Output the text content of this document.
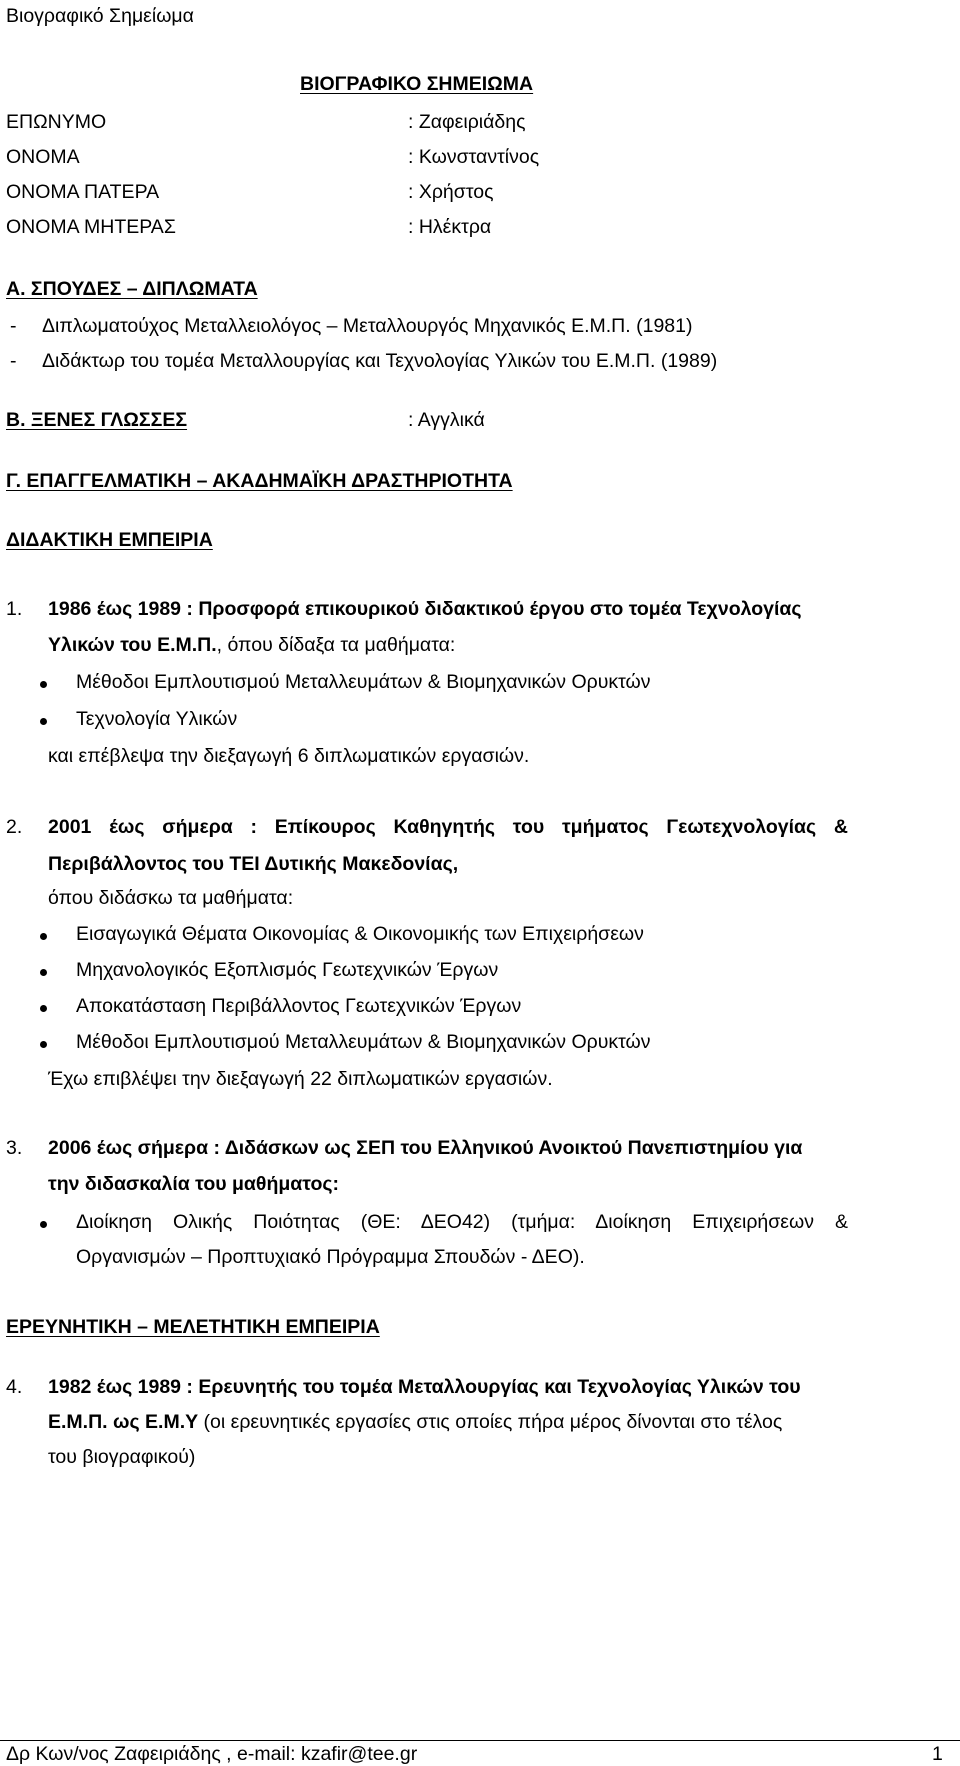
Βιογραφικό Σημείωμα
ΒΙΟΓΡΑΦΙΚΟ ΣΗΜΕΙΩΜΑ
ΕΠΩΝΥΜΟ	: Ζαφειριάδης
ΟΝΟΜΑ	: Κωνσταντίνος
ΟΝΟΜΑ ΠΑΤΕΡΑ	: Χρήστος
ΟΝΟΜΑ ΜΗΤΕΡΑΣ	: Ηλέκτρα
Α. ΣΠΟΥΔΕΣ – ΔΙΠΛΩΜΑΤΑ
- Διπλωματούχος Μεταλλειολόγος – Μεταλλουργός Μηχανικός Ε.Μ.Π. (1981)
- Διδάκτωρ του τομέα Μεταλλουργίας και Τεχνολογίας Υλικών του Ε.Μ.Π. (1989)
Β. ΞΕΝΕΣ ΓΛΩΣΣΕΣ	: Αγγλικά
Γ. ΕΠΑΓΓΕΛΜΑΤΙΚΗ – ΑΚΑΔΗΜΑΪΚΗ ΔΡΑΣΤΗΡΙΟΤΗΤΑ
ΔΙΔΑΚΤΙΚΗ ΕΜΠΕΙΡΙΑ
1. 1986 έως 1989 : Προσφορά επικουρικού διδακτικού έργου στο τομέα Τεχνολογίας
Υλικών του Ε.Μ.Π., όπου δίδαξα τα μαθήματα:
Μέθοδοι Εμπλουτισμού Μεταλλευμάτων & Βιομηχανικών Ορυκτών
Τεχνολογία Υλικών
και επέβλεψα την διεξαγωγή 6 διπλωματικών εργασιών.
2. 2001 έως σήμερα : Επίκουρος Καθηγητής του τμήματος Γεωτεχνολογίας &
Περιβάλλοντος του ΤΕΙ Δυτικής Μακεδονίας,
όπου διδάσκω τα μαθήματα:
Εισαγωγικά Θέματα Οικονομίας & Οικονομικής των Επιχειρήσεων
Μηχανολογικός Εξοπλισμός Γεωτεχνικών Έργων
Αποκατάσταση Περιβάλλοντος Γεωτεχνικών Έργων
Μέθοδοι Εμπλουτισμού Μεταλλευμάτων & Βιομηχανικών Ορυκτών
Έχω επιβλέψει την διεξαγωγή 22 διπλωματικών εργασιών.
3. 2006 έως σήμερα : Διδάσκων ως ΣΕΠ του Ελληνικού Ανοικτού Πανεπιστημίου για
την διδασκαλία του μαθήματος:
Διοίκηση Ολικής Ποιότητας (ΘΕ: ΔΕΟ42) (τμήμα: Διοίκηση Επιχειρήσεων &
Οργανισμών – Προπτυχιακό Πρόγραμμα Σπουδών - ΔΕΟ).
ΕΡΕΥΝΗΤΙΚΗ – ΜΕΛΕΤΗΤΙΚΗ ΕΜΠΕΙΡΙΑ
4. 1982 έως 1989 : Ερευνητής του τομέα Μεταλλουργίας και Τεχνολογίας Υλικών του
Ε.Μ.Π. ως Ε.Μ.Υ (οι ερευνητικές εργασίες στις οποίες πήρα μέρος δίνονται στο τέλος
του βιογραφικού)
Δρ Κων/νος Ζαφειριάδης , e-mail: kzafir@tee.gr	1
